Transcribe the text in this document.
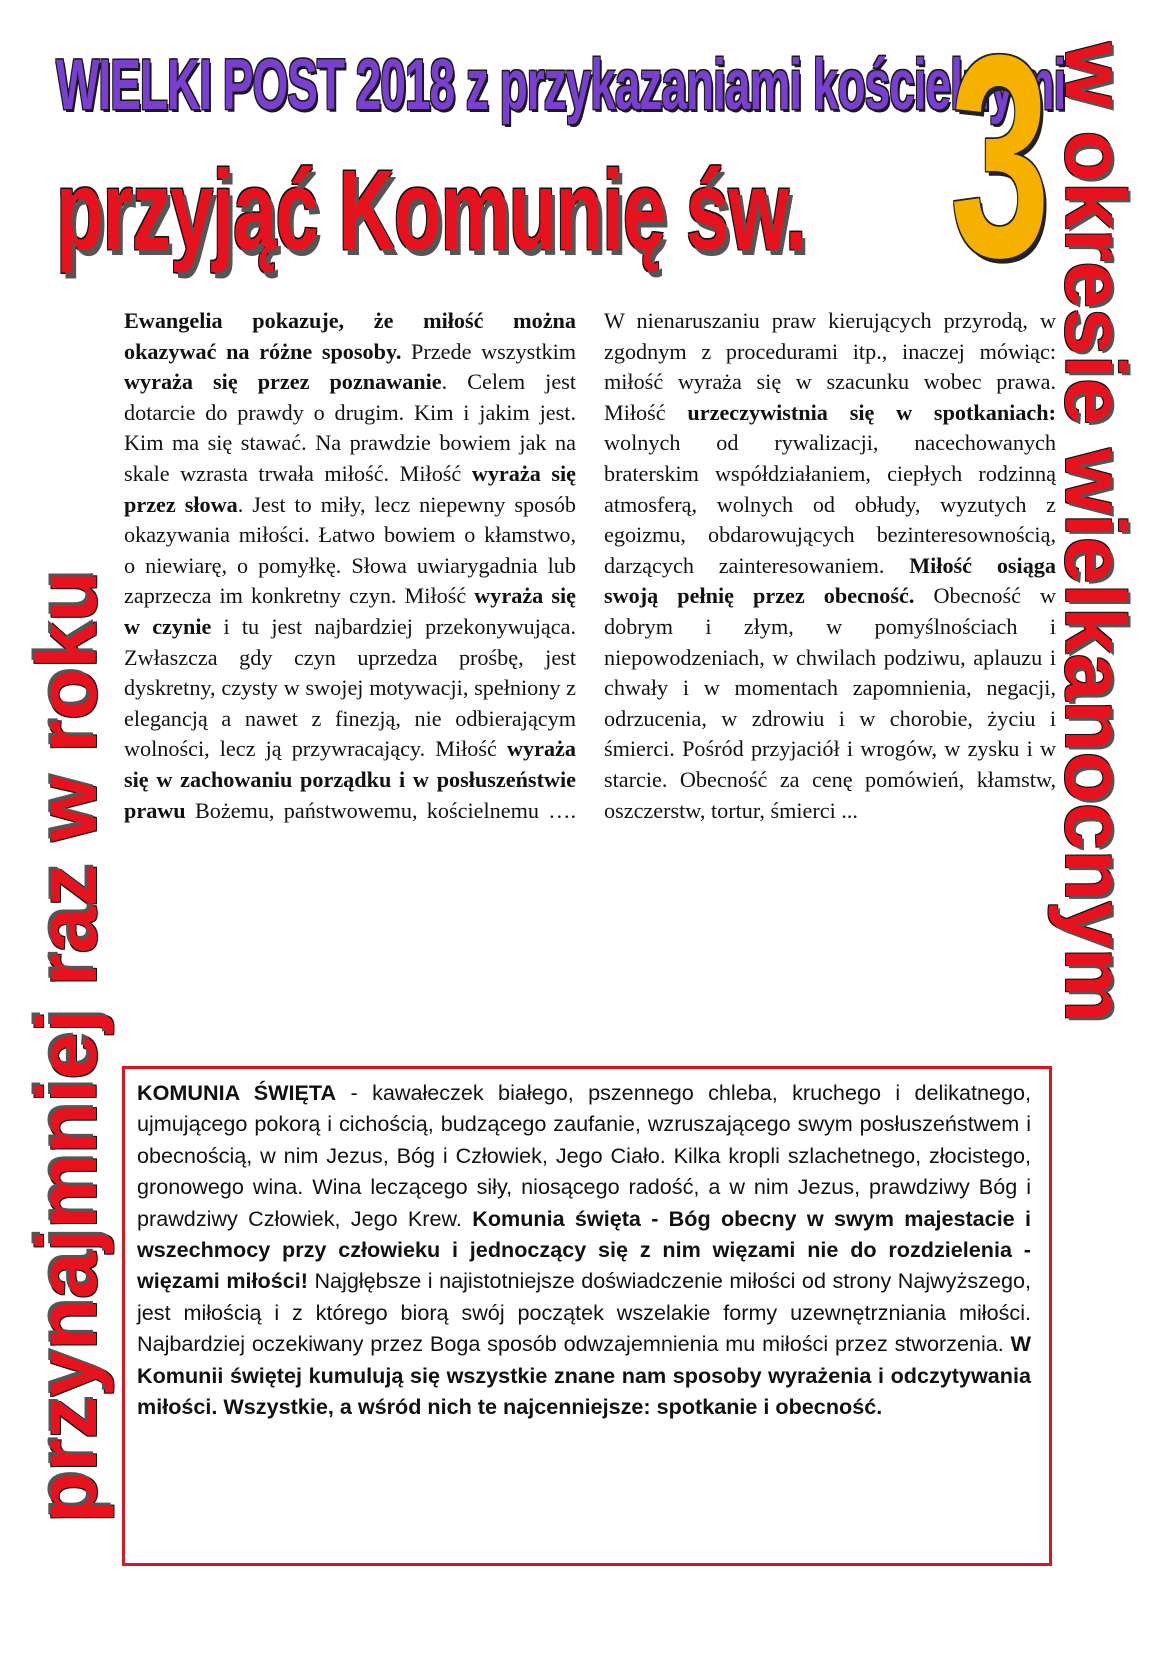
WIELKI POST 2018 z przykazaniami kościelnymi
przyjąć Komunię św. 3
przynajmniej raz w roku
w okresie wielkanocnym

Ewangelia pokazuje, że miłość można okazywać na różne sposoby. Przede wszystkim wyraża się przez poznawanie. Celem jest dotarcie do prawdy o drugim. Kim i jakim jest. Kim ma się stawać. Na prawdzie bowiem jak na skale wzrasta trwała miłość. Miłość wyraża się przez słowa. Jest to miły, lecz niepewny sposób okazywania miłości. Łatwo bowiem o kłamstwo, o niewiarę, o pomyłkę. Słowa uwiarygadnia lub zaprzecza im konkretny czyn. Miłość wyraża się w czynie i tu jest najbardziej przekonywująca. Zwłaszcza gdy czyn uprzedza prośbę, jest dyskretny, czysty w swojej motywacji, spełniony z elegancją a nawet z finezją, nie odbierającym wolności, lecz ją przywracający. Miłość wyraża się w zachowaniu porządku i w posłuszeństwie prawu Bożemu, państwowemu, kościelnemu …. W nienaruszaniu praw kierujących przyrodą, w zgodnym z procedurami itp., inaczej mówiąc: miłość wyraża się w szacunku wobec prawa. Miłość urzeczywistnia się w spotkaniach: wolnych od rywalizacji, nacechowanych braterskim współdziałaniem, ciepłych rodzinną atmosferą, wolnych od obłudy, wyzutych z egoizmu, obdarowujących bezinteresownością, darzących zainteresowaniem. Miłość osiąga swoją pełnię przez obecność. Obecność w dobrym i złym, w pomyślnościach i niepowodzeniach, w chwilach podziwu, aplauzu i chwały i w momentach zapomnienia, negacji, odrzucenia, w zdrowiu i w chorobie, życiu i śmierci. Pośród przyjaciół i wrogów, w zysku i w starcie. Obecność za cenę pomówień, kłamstw, oszczerstw, tortur, śmierci ...

KOMUNIA ŚWIĘTA - kawałeczek białego, pszennego chleba, kruchego i delikatnego, ujmującego pokorą i cichością, budzącego zaufanie, wzruszającego swym posłuszeństwem i obecnością, w nim Jezus, Bóg i Człowiek, Jego Ciało. Kilka kropli szlachetnego, złocistego, gronowego wina. Wina leczącego siły, niosącego radość, a w nim Jezus, prawdziwy Bóg i prawdziwy Człowiek, Jego Krew. Komunia święta - Bóg obecny w swym majestacie i wszechmocy przy człowieku i jednoczący się z nim więzami nie do rozdzielenia - więzami miłości! Najgłębsze i najistotniejsze doświadczenie miłości od strony Najwyższego, jest miłością i z którego biorą swój początek wszelakie formy uzewnętrzniania miłości. Najbardziej oczekiwany przez Boga sposób odwzajemnienia mu miłości przez stworzenia. W Komunii świętej kumulują się wszystkie znane nam sposoby wyrażenia i odczytywania miłości. Wszystkie, a wśród nich te najcenniejsze: spotkanie i obecność.
